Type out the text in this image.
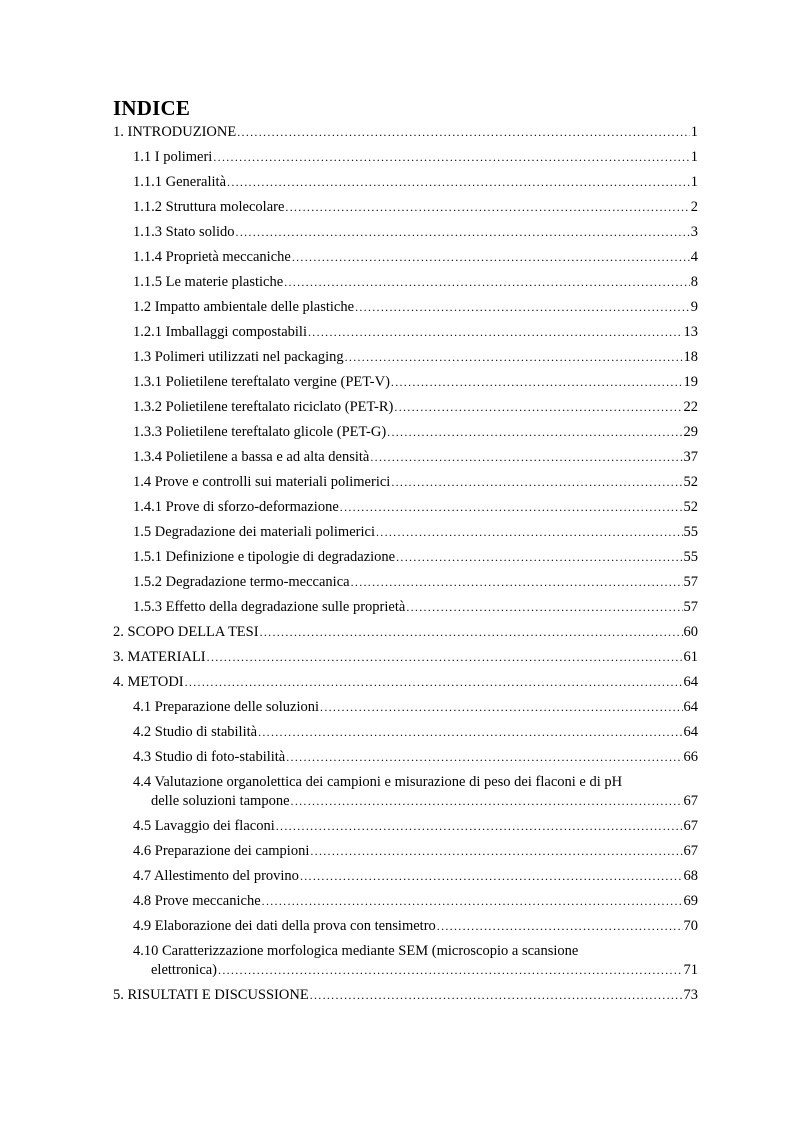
INDICE
1. INTRODUZIONE .....	1
1.1 I polimeri .....	1
1.1.1 Generalità .....	1
1.1.2 Struttura molecolare .....	2
1.1.3 Stato solido .....	3
1.1.4 Proprietà meccaniche .....	4
1.1.5 Le materie plastiche .....	8
1.2 Impatto ambientale delle plastiche .....	9
1.2.1 Imballaggi compostabili .....	13
1.3 Polimeri utilizzati nel packaging .....	18
1.3.1 Polietilene tereftalato vergine (PET-V) .....	19
1.3.2 Polietilene tereftalato riciclato (PET-R) .....	22
1.3.3 Polietilene tereftalato glicole (PET-G) .....	29
1.3.4 Polietilene a bassa e ad alta densità .....	37
1.4 Prove e controlli sui materiali polimerici .....	52
1.4.1 Prove di sforzo-deformazione .....	52
1.5 Degradazione dei materiali polimerici .....	55
1.5.1 Definizione e tipologie di degradazione .....	55
1.5.2 Degradazione termo-meccanica .....	57
1.5.3 Effetto della degradazione sulle proprietà .....	57
2. SCOPO DELLA TESI .....	60
3. MATERIALI .....	61
4. METODI .....	64
4.1 Preparazione delle soluzioni .....	64
4.2 Studio di stabilità .....	64
4.3 Studio di foto-stabilità .....	66
4.4 Valutazione organolettica dei campioni e misurazione di peso dei flaconi e di pH
delle soluzioni tampone .....	67
4.5 Lavaggio dei flaconi .....	67
4.6 Preparazione dei campioni .....	67
4.7 Allestimento del provino .....	68
4.8 Prove meccaniche .....	69
4.9 Elaborazione dei dati della prova con tensimetro .....	70
4.10 Caratterizzazione morfologica mediante SEM (microscopio a scansione
elettronica) .....	71
5. RISULTATI E DISCUSSIONE .....	73
